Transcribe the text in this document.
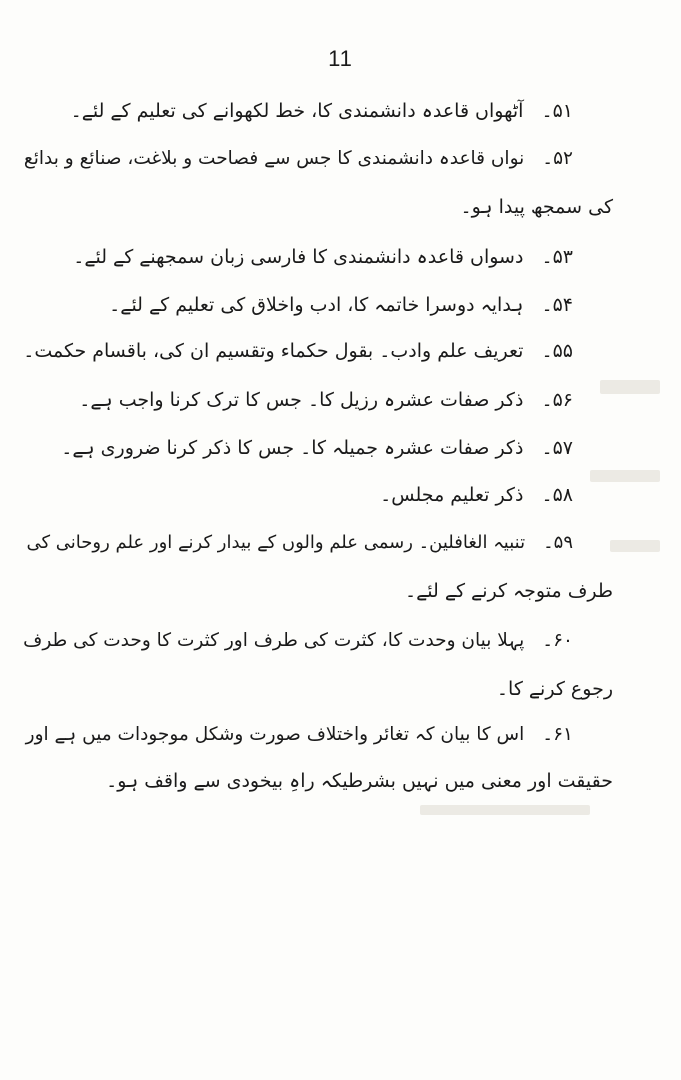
11
۵۱۔
آٹھواں قاعدہ دانشمندی کا، خط لکھوانے کی تعلیم کے لئے۔
۵۲۔
نواں قاعدہ دانشمندی کا جس سے فصاحت و بلاغت، صنائع و بدائع
کی سمجھ پیدا ہو۔
۵۳۔
دسواں قاعدہ دانشمندی کا فارسی زبان سمجھنے کے لئے۔
۵۴۔
ہدایہ دوسرا خاتمہ کا، ادب واخلاق کی تعلیم کے لئے۔
۵۵۔
تعریف علم وادب۔ بقول حکماء وتقسیم ان کی، باقسام حکمت۔
۵۶۔
ذکر صفات عشرہ رزیل کا۔ جس کا ترک کرنا واجب ہے۔
۵۷۔
ذکر صفات عشرہ جمیلہ کا۔ جس کا ذکر کرنا ضروری ہے۔
۵۸۔
ذکر تعلیم مجلس۔
۵۹۔
تنبیہ الغافلین۔ رسمی علم والوں کے بیدار کرنے اور علم روحانی کی
طرف متوجہ کرنے کے لئے۔
۶۰۔
پہلا بیان وحدت کا، کثرت کی طرف اور کثرت کا وحدت کی طرف
رجوع کرنے کا۔
۶۱۔
اس کا بیان کہ تغائر واختلاف صورت وشکل موجودات میں ہے اور
حقیقت اور معنی میں نہیں بشرطیکہ راہِ بیخودی سے واقف ہو۔
